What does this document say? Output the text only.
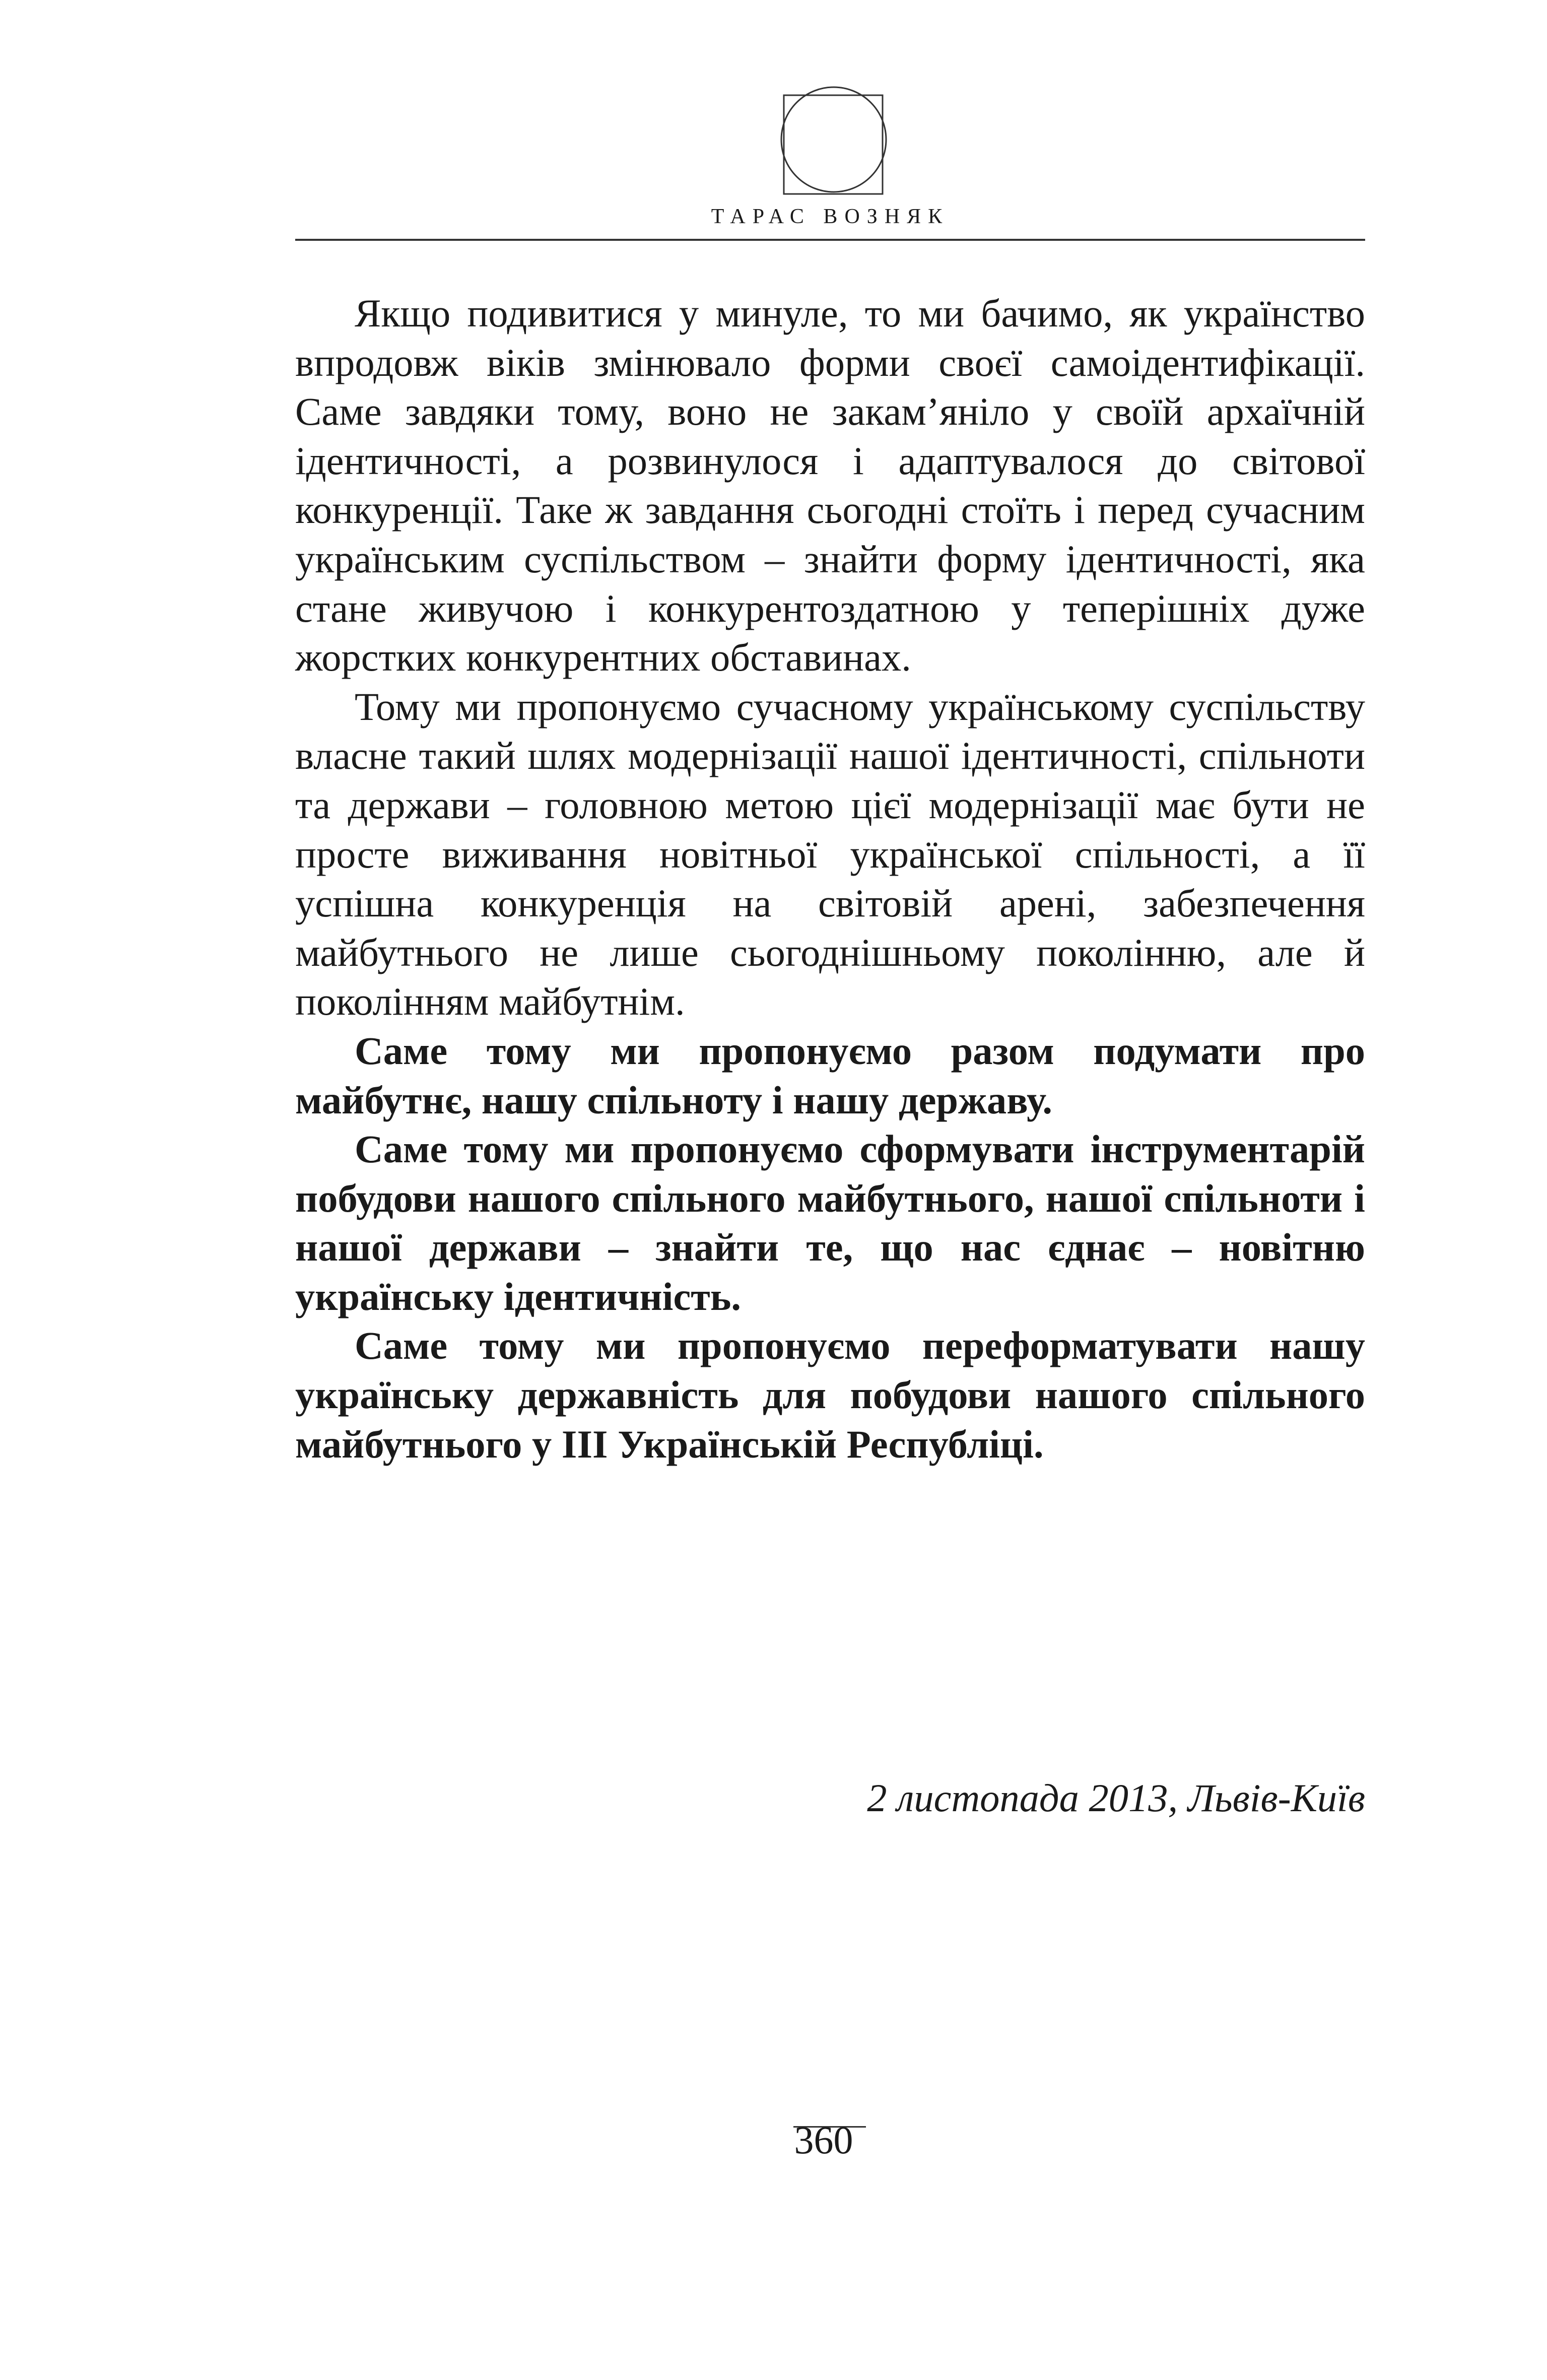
ТАРАС ВОЗНЯК

Якщо подивитися у минуле, то ми бачимо, як українство впродовж віків змінювало форми своєї самоідентифікації. Саме завдяки тому, воно не закам’яніло у своїй архаїчній ідентичності, а розвинулося і адаптувалося до світової конкуренції. Таке ж завдання сьогодні стоїть і перед сучасним українським суспільством – знайти форму ідентичності, яка стане живучою і конкурентоздатною у теперішніх дуже жорстких конкурентних обставинах.

Тому ми пропонуємо сучасному українському суспільству власне такий шлях модернізації нашої ідентичності, спільноти та держави – головною метою цієї модернізації має бути не просте виживання новітньої української спільності, а її успішна конкуренція на світовій арені, забезпечення майбутнього не лише сьогоднішньому поколінню, але й поколінням майбутнім.

Саме тому ми пропонуємо разом подумати про майбутнє, нашу спільноту і нашу державу.

Саме тому ми пропонуємо сформувати інструментарій побудови нашого спільного майбутнього, нашої спільноти і нашої держави – знайти те, що нас єднає – новітню українську ідентичність.

Саме тому ми пропонуємо переформатувати нашу українську державність для побудови нашого спільного майбутнього у ІІІ Українській Республіці.

2 листопада 2013, Львів-Київ
360
